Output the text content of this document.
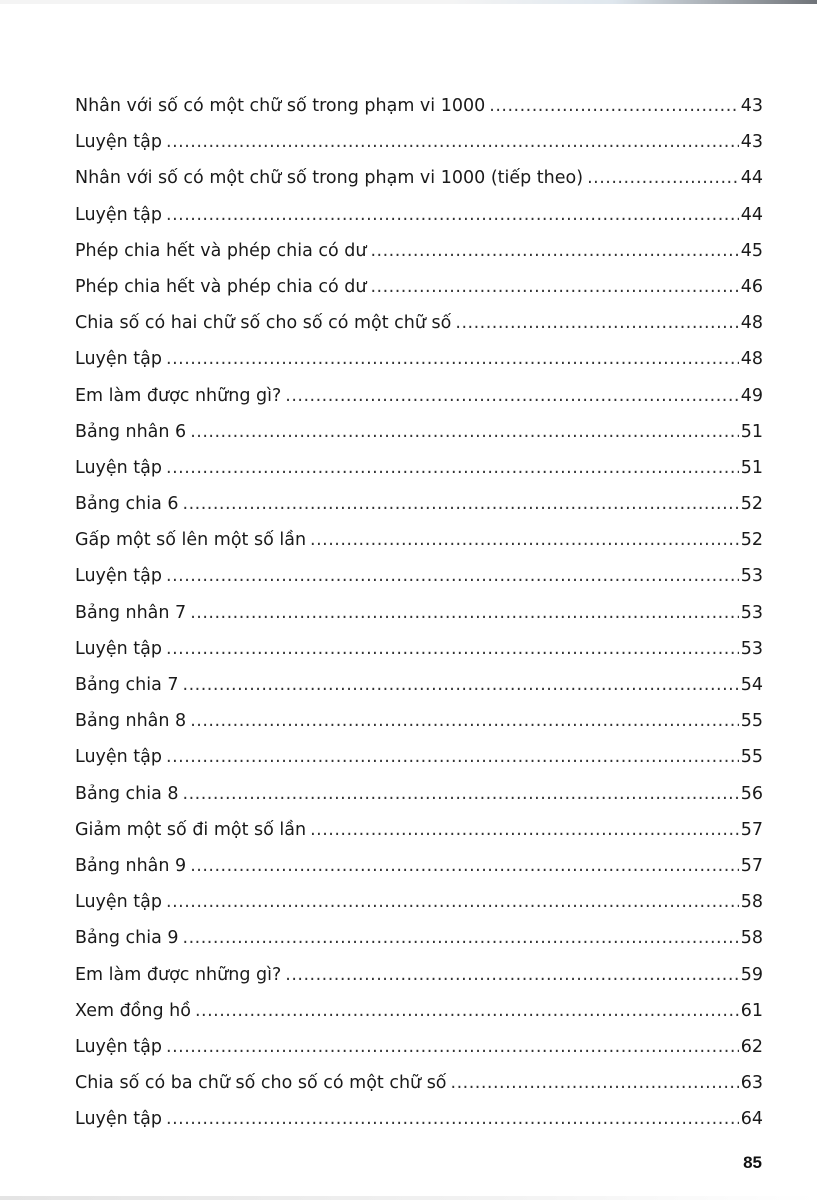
Nhân với số có một chữ số trong phạm vi 1000 .....	43
Luyện tập .....	43
Nhân với số có một chữ số trong phạm vi 1000 (tiếp theo) .....	44
Luyện tập .....	44
Phép chia hết và phép chia có dư .....	45
Phép chia hết và phép chia có dư .....	46
Chia số có hai chữ số cho số có một chữ số .....	48
Luyện tập .....	48
Em làm được những gì? .....	49
Bảng nhân 6 .....	51
Luyện tập .....	51
Bảng chia 6 .....	52
Gấp một số lên một số lần .....	52
Luyện tập .....	53
Bảng nhân 7 .....	53
Luyện tập .....	53
Bảng chia 7 .....	54
Bảng nhân 8 .....	55
Luyện tập .....	55
Bảng chia 8 .....	56
Giảm một số đi một số lần .....	57
Bảng nhân 9 .....	57
Luyện tập .....	58
Bảng chia 9 .....	58
Em làm được những gì? .....	59
Xem đồng hồ .....	61
Luyện tập .....	62
Chia số có ba chữ số cho số có một chữ số .....	63
Luyện tập .....	64
85
